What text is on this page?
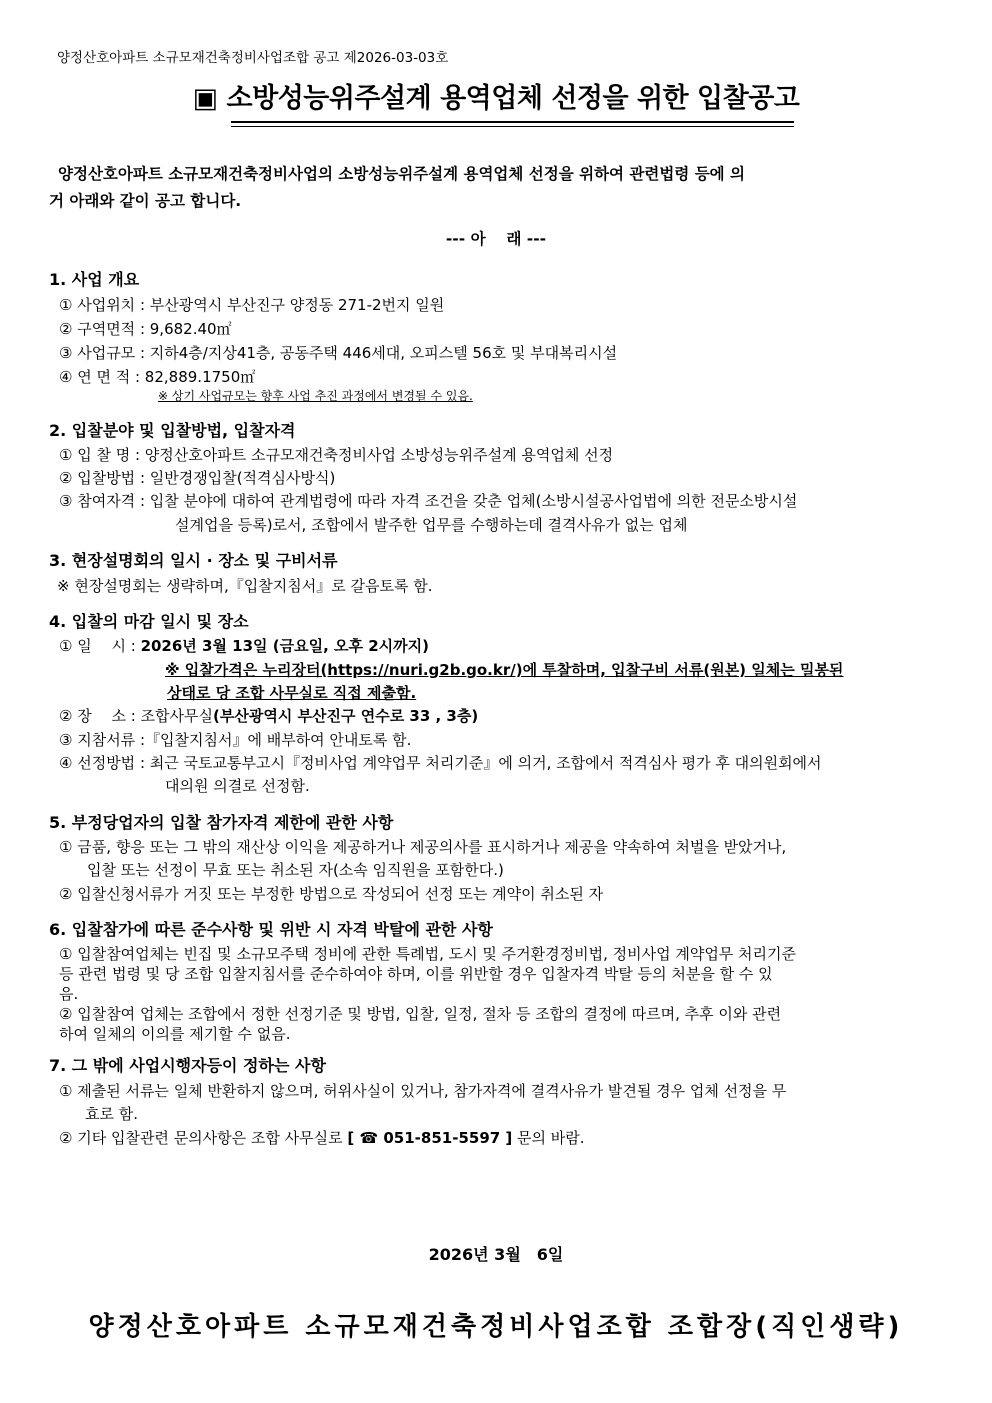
양정산호아파트 소규모재건축정비사업조합 공고 제2026-03-03호
▣ 소방성능위주설계 용역업체 선정을 위한 입찰공고
양정산호아파트 소규모재건축정비사업의 소방성능위주설계 용역업체 선정을 위하여 관련법령 등에 의
거 아래와 같이 공고 합니다.
--- 아　 래 ---
1. 사업 개요
① 사업위치 : 부산광역시 부산진구 양정동 271-2번지 일원
② 구역면적 : 9,682.40㎡
③ 사업규모 : 지하4층/지상41층, 공동주택 446세대, 오피스텔 56호 및 부대복리시설
④ 연 면 적 : 82,889.1750㎡
※ 상기 사업규모는 향후 사업 추진 과정에서 변경될 수 있음.
2. 입찰분야 및 입찰방법, 입찰자격
① 입 찰 명 : 양정산호아파트 소규모재건축정비사업 소방성능위주설계 용역업체 선정
② 입찰방법 : 일반경쟁입찰(적격심사방식)
③ 참여자격 : 입찰 분야에 대하여 관계법령에 따라 자격 조건을 갖춘 업체(소방시설공사업법에 의한 전문소방시설
설계업을 등록)로서, 조합에서 발주한 업무를 수행하는데 결격사유가 없는 업체
3. 현장설명회의 일시 · 장소 및 구비서류
※ 현장설명회는 생략하며,『입찰지침서』로 갈음토록 함.
4. 입찰의 마감 일시 및 장소
① 일　 시 : 2026년 3월 13일 (금요일, 오후 2시까지)
※ 입찰가격은 누리장터(https://nuri.g2b.go.kr/)에 투찰하며, 입찰구비 서류(원본) 일체는 밀봉된
상태로 당 조합 사무실로 직접 제출함.
② 장　 소 : 조합사무실(부산광역시 부산진구 연수로 33 , 3층)
③ 지참서류 :『입찰지침서』에 배부하여 안내토록 함.
④ 선정방법 : 최근 국토교통부고시『정비사업 계약업무 처리기준』에 의거, 조합에서 적격심사 평가 후 대의원회에서
대의원 의결로 선정함.
5. 부정당업자의 입찰 참가자격 제한에 관한 사항
① 금품, 향응 또는 그 밖의 재산상 이익을 제공하거나 제공의사를 표시하거나 제공을 약속하여 처벌을 받았거나,
입찰 또는 선정이 무효 또는 취소된 자(소속 임직원을 포함한다.)
② 입찰신청서류가 거짓 또는 부정한 방법으로 작성되어 선정 또는 계약이 취소된 자
6. 입찰참가에 따른 준수사항 및 위반 시 자격 박탈에 관한 사항
① 입찰참여업체는 빈집 및 소규모주택 정비에 관한 특례법, 도시 및 주거환경정비법, 정비사업 계약업무 처리기준
등 관련 법령 및 당 조합 입찰지침서를 준수하여야 하며, 이를 위반할 경우 입찰자격 박탈 등의 처분을 할 수 있
음.
② 입찰참여 업체는 조합에서 정한 선정기준 및 방법, 입찰, 일정, 절차 등 조합의 결정에 따르며, 추후 이와 관련
하여 일체의 이의를 제기할 수 없음.
7. 그 밖에 사업시행자등이 정하는 사항
① 제출된 서류는 일체 반환하지 않으며, 허위사실이 있거나, 참가자격에 결격사유가 발견될 경우 업체 선정을 무
효로 함.
② 기타 입찰관련 문의사항은 조합 사무실로 [ ☎ 051-851-5597 ] 문의 바람.
2026년 3월　6일
양정산호아파트 소규모재건축정비사업조합 조합장(직인생략)
